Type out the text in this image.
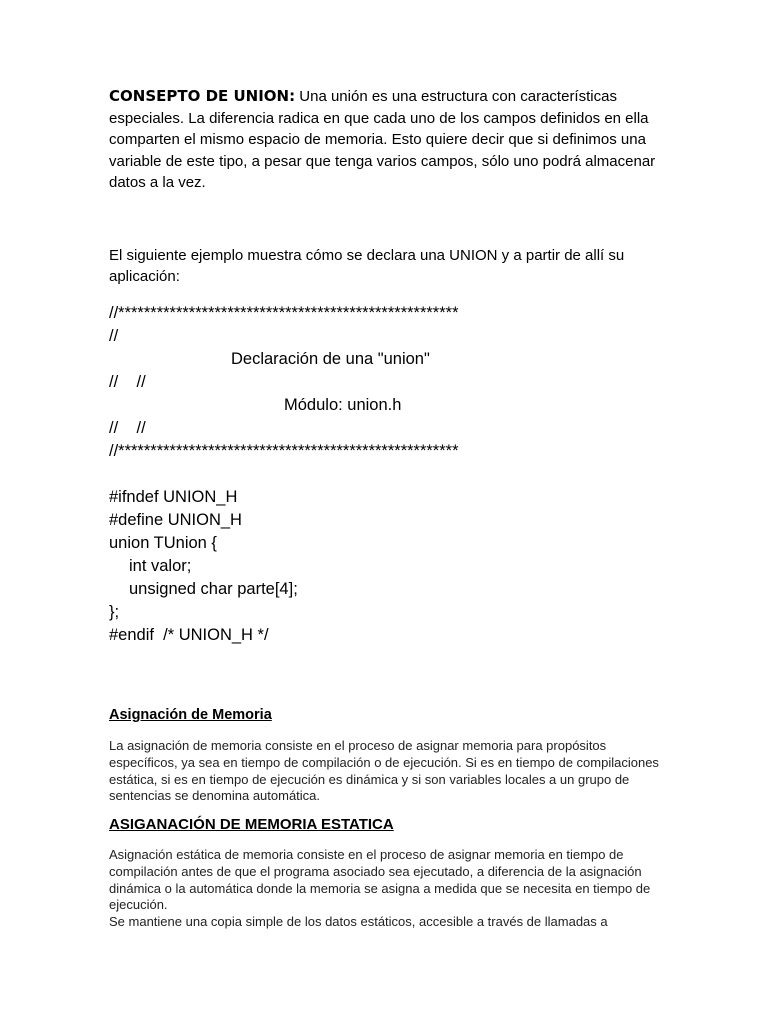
CONSEPTO DE UNION: Una unión es una estructura con características especiales. La diferencia radica en que cada uno de los campos definidos en ella comparten el mismo espacio de memoria. Esto quiere decir que si definimos una variable de este tipo, a pesar que tenga varios campos, sólo uno podrá almacenar datos a la vez.
El siguiente ejemplo muestra cómo se declara una UNION y a partir de allí su aplicación:
//*****************************************************
//

//
Declaración de una "union"

//

//
Módulo: union.h

//
//*****************************************************
#ifndef UNION_H
#define UNION_H
union TUnion {
int valor;
unsigned char parte[4];
};
#endif  /* UNION_H */
Asignación de Memoria
La asignación de memoria consiste en el proceso de asignar memoria para propósitos específicos, ya sea en tiempo de compilación o de ejecución. Si es en tiempo de compilaciones estática, si es en tiempo de ejecución es dinámica y si son variables locales a un grupo de sentencias se denomina automática.
ASIGANACIÓN DE MEMORIA ESTATICA
Asignación estática de memoria consiste en el proceso de asignar memoria en tiempo de compilación antes de que el programa asociado sea ejecutado, a diferencia de la asignación dinámica o la automática donde la memoria se asigna a medida que se necesita en tiempo de ejecución.
Se mantiene una copia simple de los datos estáticos, accesible a través de llamadas a
